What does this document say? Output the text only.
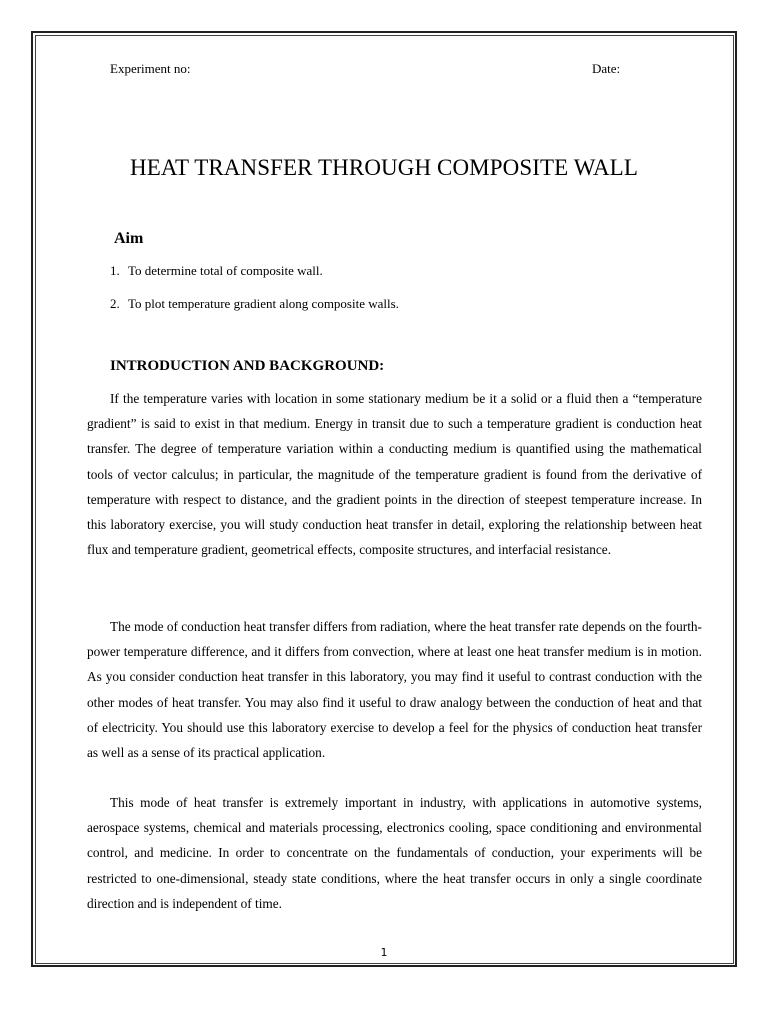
Experiment no:	Date:
HEAT TRANSFER THROUGH COMPOSITE WALL
Aim
1. To determine total of composite wall.
2. To plot temperature gradient along composite walls.
INTRODUCTION AND BACKGROUND:

If the temperature varies with location in some stationary medium be it a solid or a fluid then a “temperature gradient” is said to exist in that medium. Energy in transit due to such a temperature gradient is conduction heat transfer. The degree of temperature variation within a conducting medium is quantified using the mathematical tools of vector calculus; in particular, the magnitude of the temperature gradient is found from the derivative of temperature with respect to distance, and the gradient points in the direction of steepest temperature increase. In this laboratory exercise, you will study conduction heat transfer in detail, exploring the relationship between heat flux and temperature gradient, geometrical effects, composite structures, and interfacial resistance.

The mode of conduction heat transfer differs from radiation, where the heat transfer rate depends on the fourth-power temperature difference, and it differs from convection, where at least one heat transfer medium is in motion. As you consider conduction heat transfer in this laboratory, you may find it useful to contrast conduction with the other modes of heat transfer. You may also find it useful to draw analogy between the conduction of heat and that of electricity. You should use this laboratory exercise to develop a feel for the physics of conduction heat transfer as well as a sense of its practical application.

This mode of heat transfer is extremely important in industry, with applications in automotive systems, aerospace systems, chemical and materials processing, electronics cooling, space conditioning and environmental control, and medicine. In order to concentrate on the fundamentals of conduction, your experiments will be restricted to one-dimensional, steady state conditions, where the heat transfer occurs in only a single coordinate direction and is independent of time.

1
